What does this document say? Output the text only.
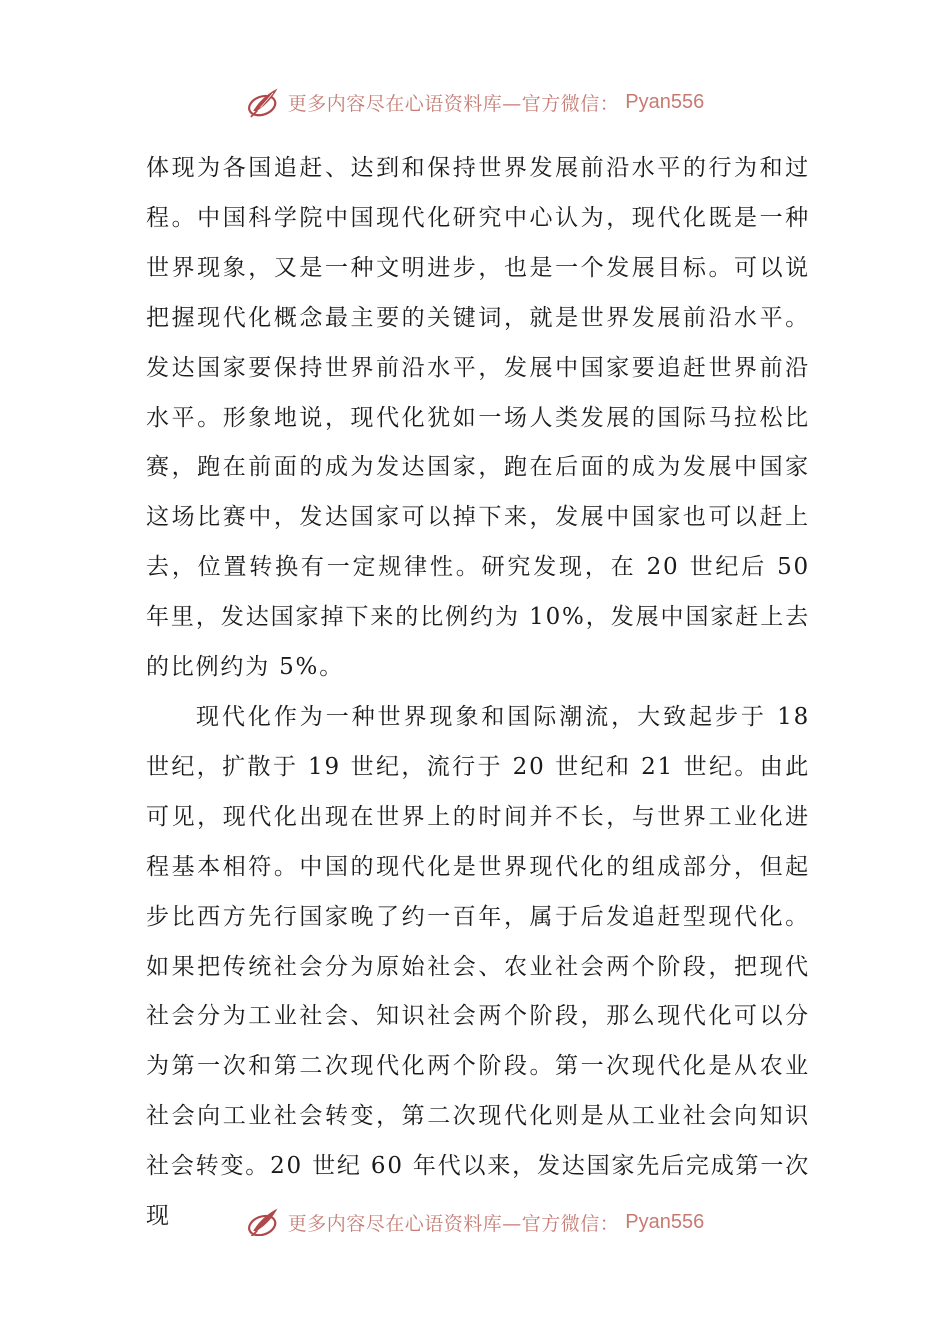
更多内容尽在心语资料库—官方微信： Pyan556

体现为各国追赶、达到和保持世界发展前沿水平的行为和过程。中国科学院中国现代化研究中心认为，现代化既是一种世界现象，又是一种文明进步，也是一个发展目标。可以说把握现代化概念最主要的关键词，就是世界发展前沿水平。发达国家要保持世界前沿水平，发展中国家要追赶世界前沿水平。形象地说，现代化犹如一场人类发展的国际马拉松比赛，跑在前面的成为发达国家，跑在后面的成为发展中国家这场比赛中，发达国家可以掉下来，发展中国家也可以赶上去，位置转换有一定规律性。研究发现，在 20 世纪后 50 年里，发达国家掉下来的比例约为 10%，发展中国家赶上去的比例约为 5%。

现代化作为一种世界现象和国际潮流，大致起步于 18 世纪，扩散于 19 世纪，流行于 20 世纪和 21 世纪。由此可见，现代化出现在世界上的时间并不长，与世界工业化进程基本相符。中国的现代化是世界现代化的组成部分，但起步比西方先行国家晚了约一百年，属于后发追赶型现代化。如果把传统社会分为原始社会、农业社会两个阶段，把现代社会分为工业社会、知识社会两个阶段，那么现代化可以分为第一次和第二次现代化两个阶段。第一次现代化是从农业社会向工业社会转变，第二次现代化则是从工业社会向知识社会转变。20 世纪 60 年代以来，发达国家先后完成第一次现	更多内容尽在心语资料库—官方微信： Pyan556
